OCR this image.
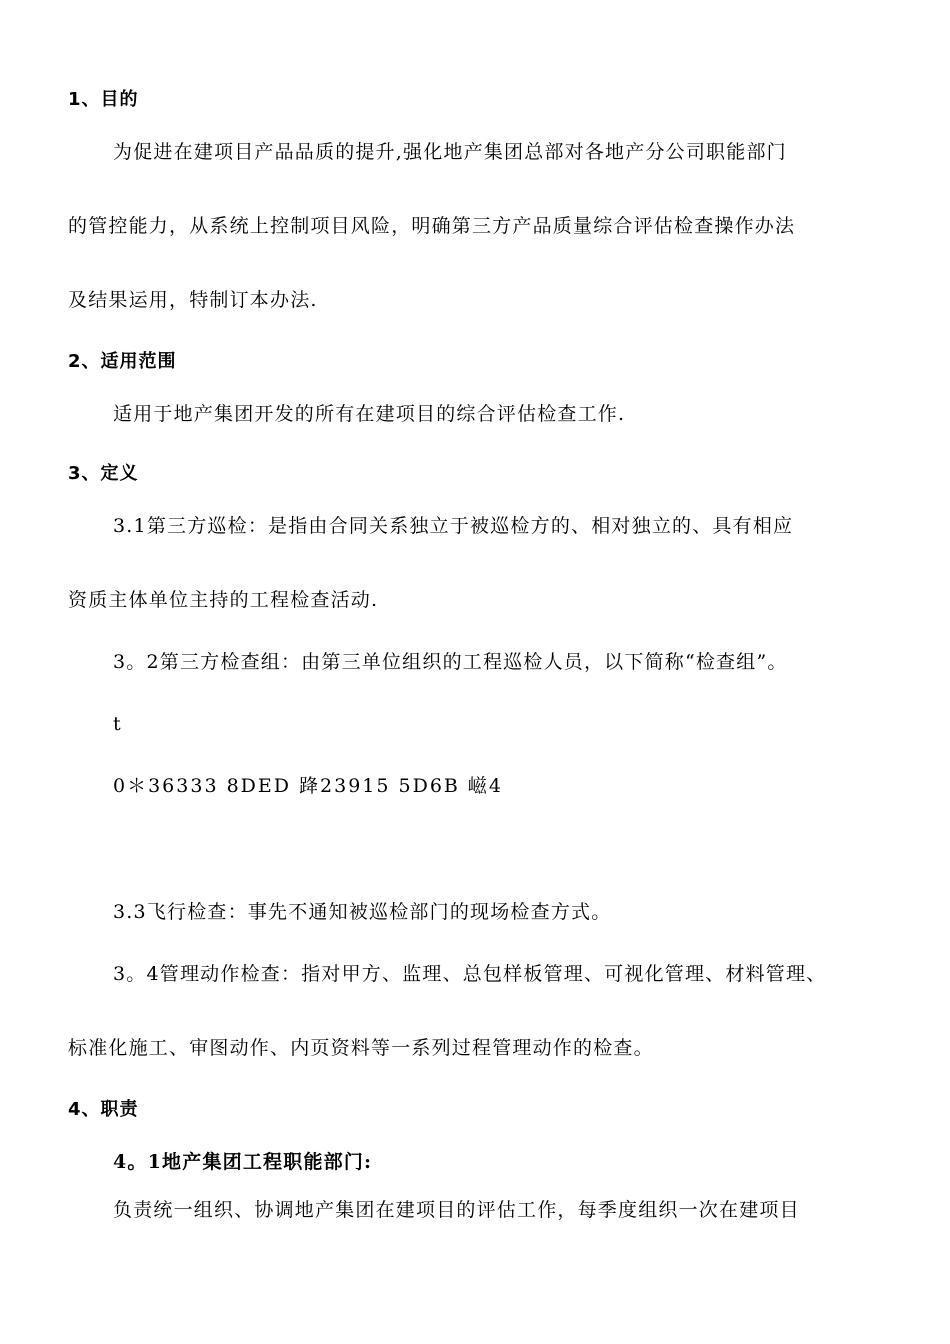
1、目的
为促进在建项目产品品质的提升,强化地产集团总部对各地产分公司职能部门
的管控能力，从系统上控制项目风险，明确第三方产品质量综合评估检查操作办法
及结果运用，特制订本办法.
2、适用范围
适用于地产集团开发的所有在建项目的综合评估检查工作.
3、定义
3.1第三方巡检：是指由合同关系独立于被巡检方的、相对独立的、具有相应
资质主体单位主持的工程检查活动.
3。2第三方检查组：由第三单位组织的工程巡检人员，以下简称“检查组”。
t
0＊36333 8DED 跭23915 5D6B 嵫4
3.3飞行检查：事先不通知被巡检部门的现场检查方式。
3。4管理动作检查：指对甲方、监理、总包样板管理、可视化管理、材料管理、
标准化施工、审图动作、内页资料等一系列过程管理动作的检查。
4、职责
4。1地产集团工程职能部门:
负责统一组织、协调地产集团在建项目的评估工作，每季度组织一次在建项目
